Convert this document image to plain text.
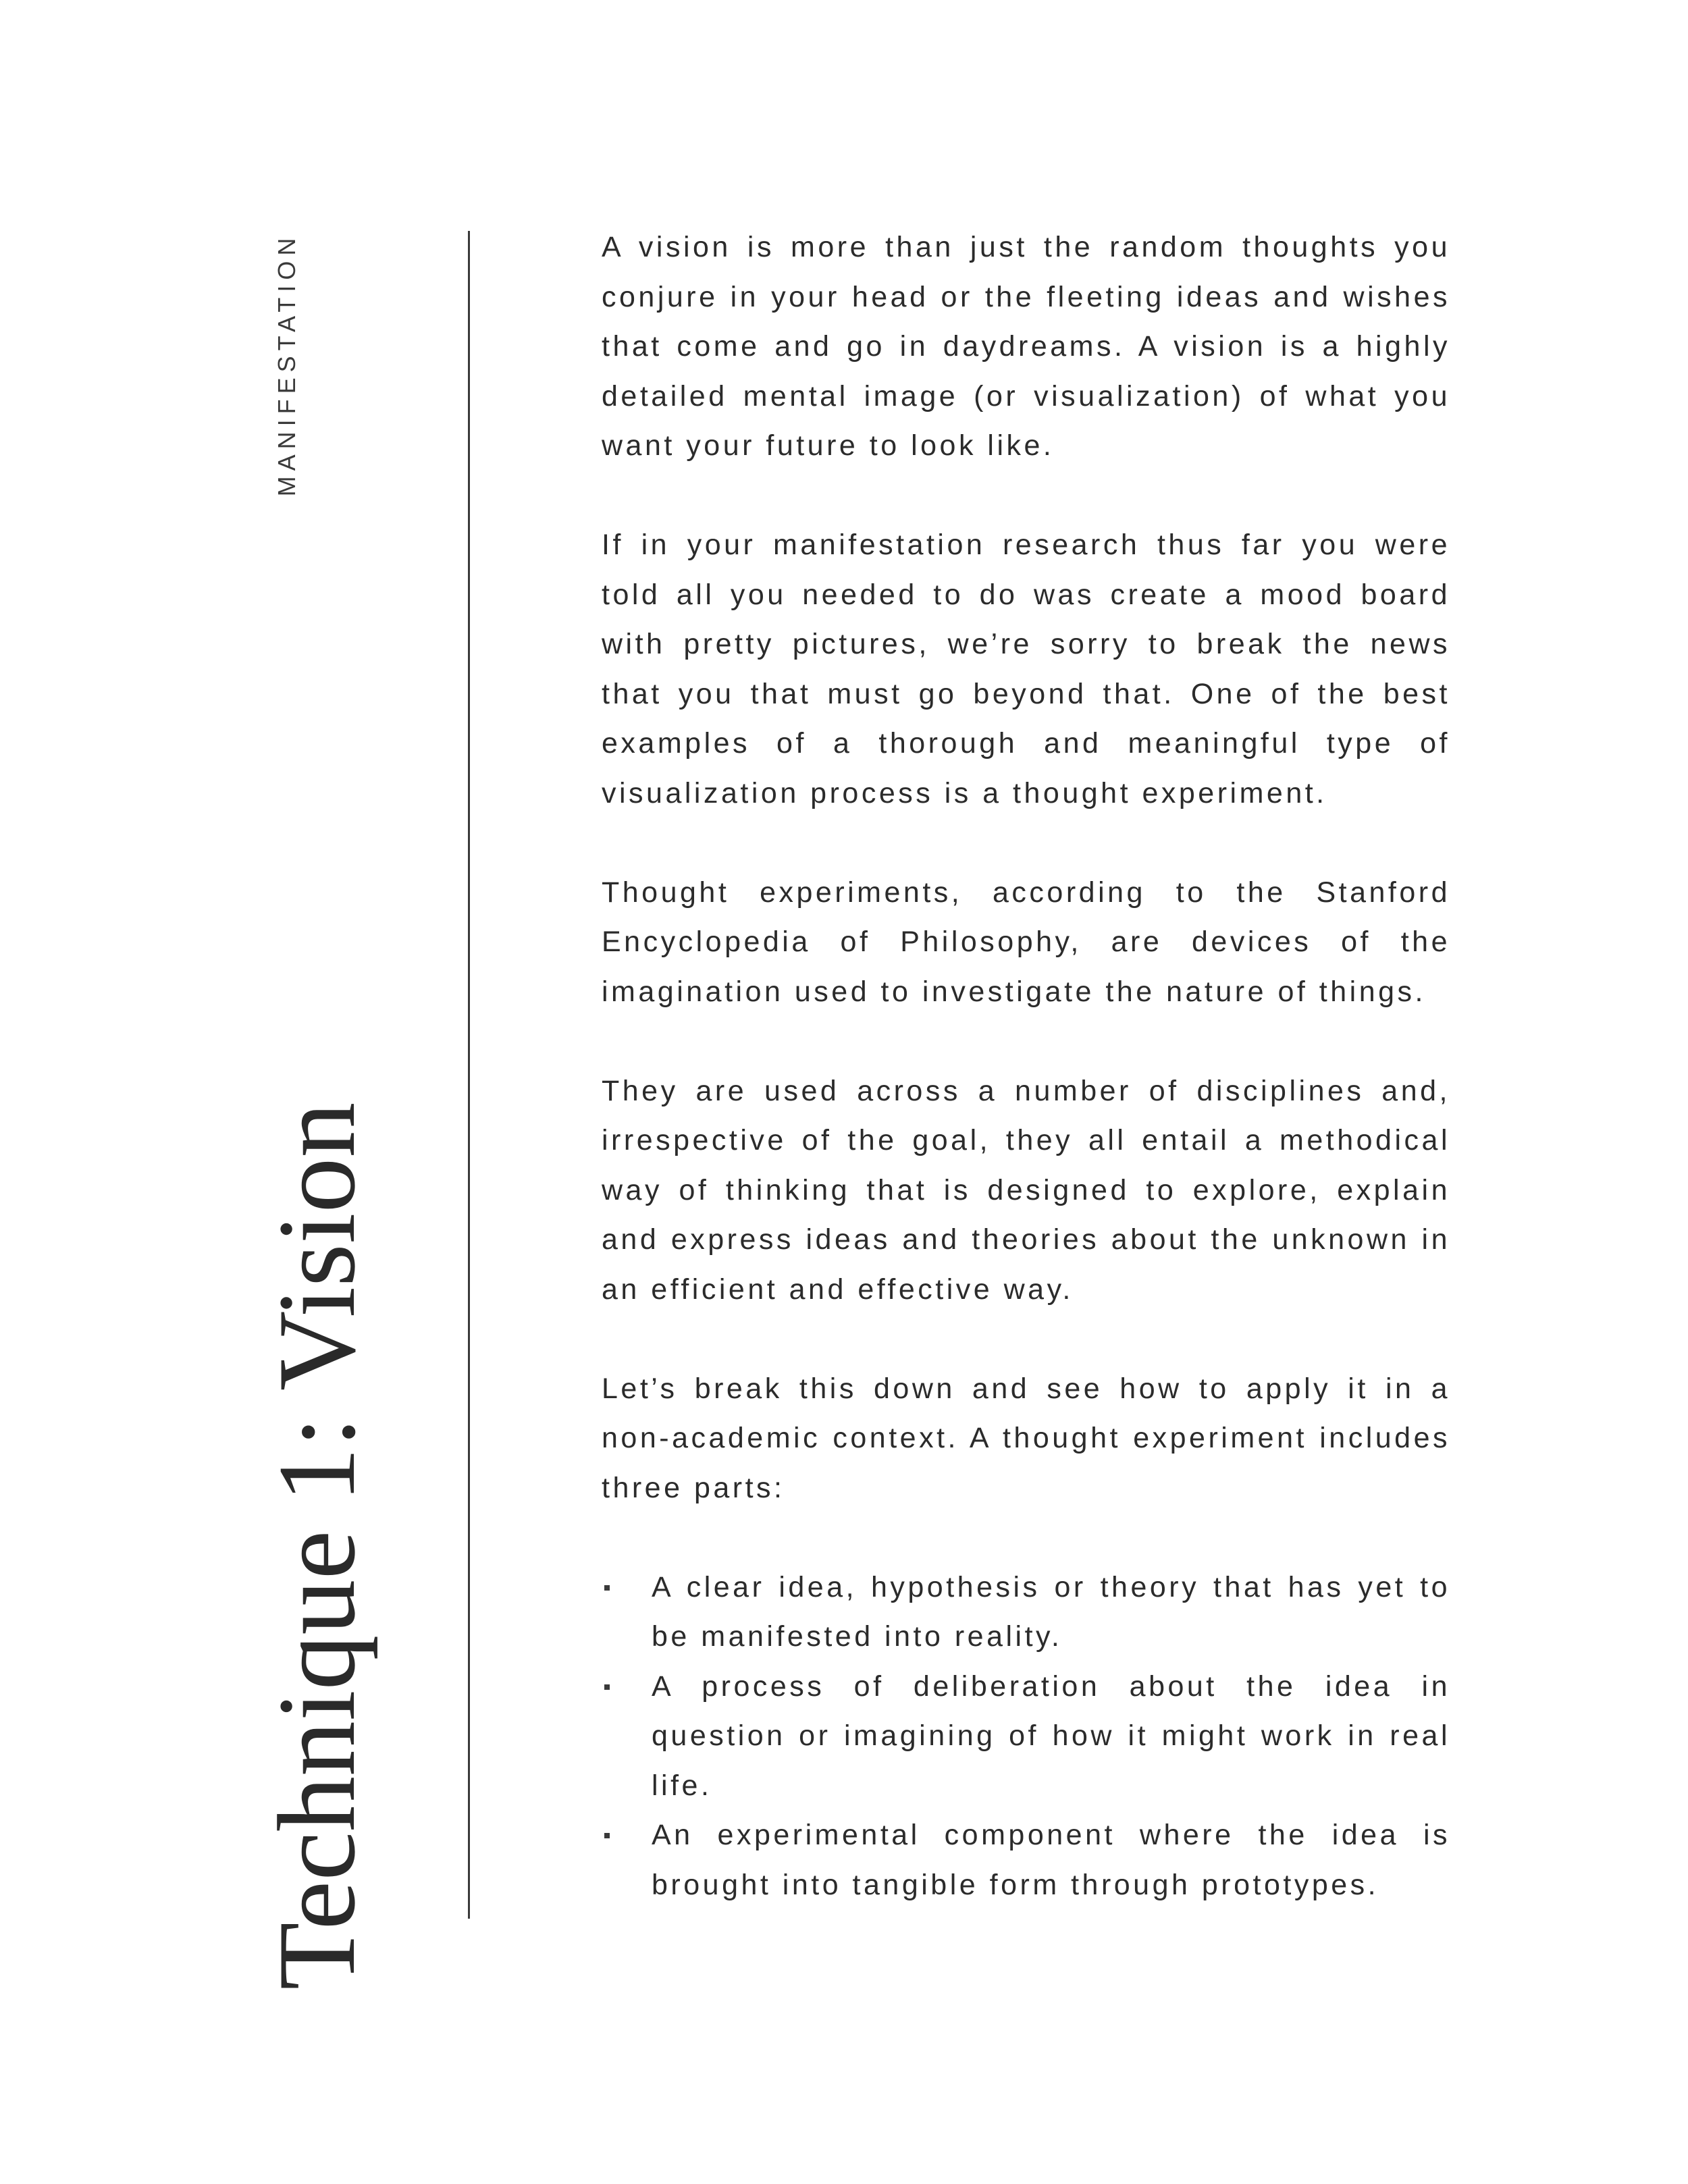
MANIFESTATION
Technique 1: Vision

A vision is more than just the random thoughts you conjure in your head or the fleeting ideas and wishes that come and go in daydreams. A vision is a highly detailed mental image (or visualization) of what you want your future to look like.

If in your manifestation research thus far you were told all you needed to do was create a mood board with pretty pictures, we’re sorry to break the news that you that must go beyond that. One of the best examples of a thorough and meaningful type of visualization process is a thought experiment.

Thought experiments, according to the Stanford Encyclopedia of Philosophy, are devices of the imagination used to investigate the nature of things.

They are used across a number of disciplines and, irrespective of the goal, they all entail a methodical way of thinking that is designed to explore, explain and express ideas and theories about the unknown in an efficient and effective way.

Let’s break this down and see how to apply it in a non-academic context. A thought experiment includes three parts:

A clear idea, hypothesis or theory that has yet to be manifested into reality.
A process of deliberation about the idea in question or imagining of how it might work in real life.
An experimental component where the idea is brought into tangible form through prototypes.
